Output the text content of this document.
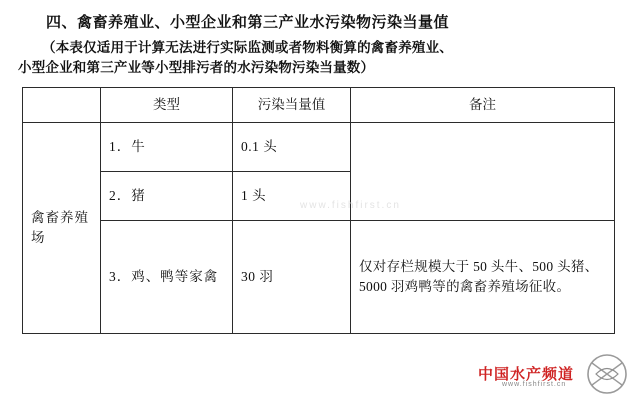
四、禽畜养殖业、小型企业和第三产业水污染物污染当量值
（本表仅适用于计算无法进行实际监测或者物料衡算的禽畜养殖业、
小型企业和第三产业等小型排污者的水污染物污染当量数）
	类型	污染当量值	备注
禽畜养殖场	1．牛	0.1 头	
	2．猪	1 头	
	3．鸡、鸭等家禽	30 羽	仅对存栏规模大于 50 头牛、500 头猪、5000 羽鸡鸭等的禽畜养殖场征收。
www.fishfirst.cn
中国水产频道
www.fishfirst.cn
